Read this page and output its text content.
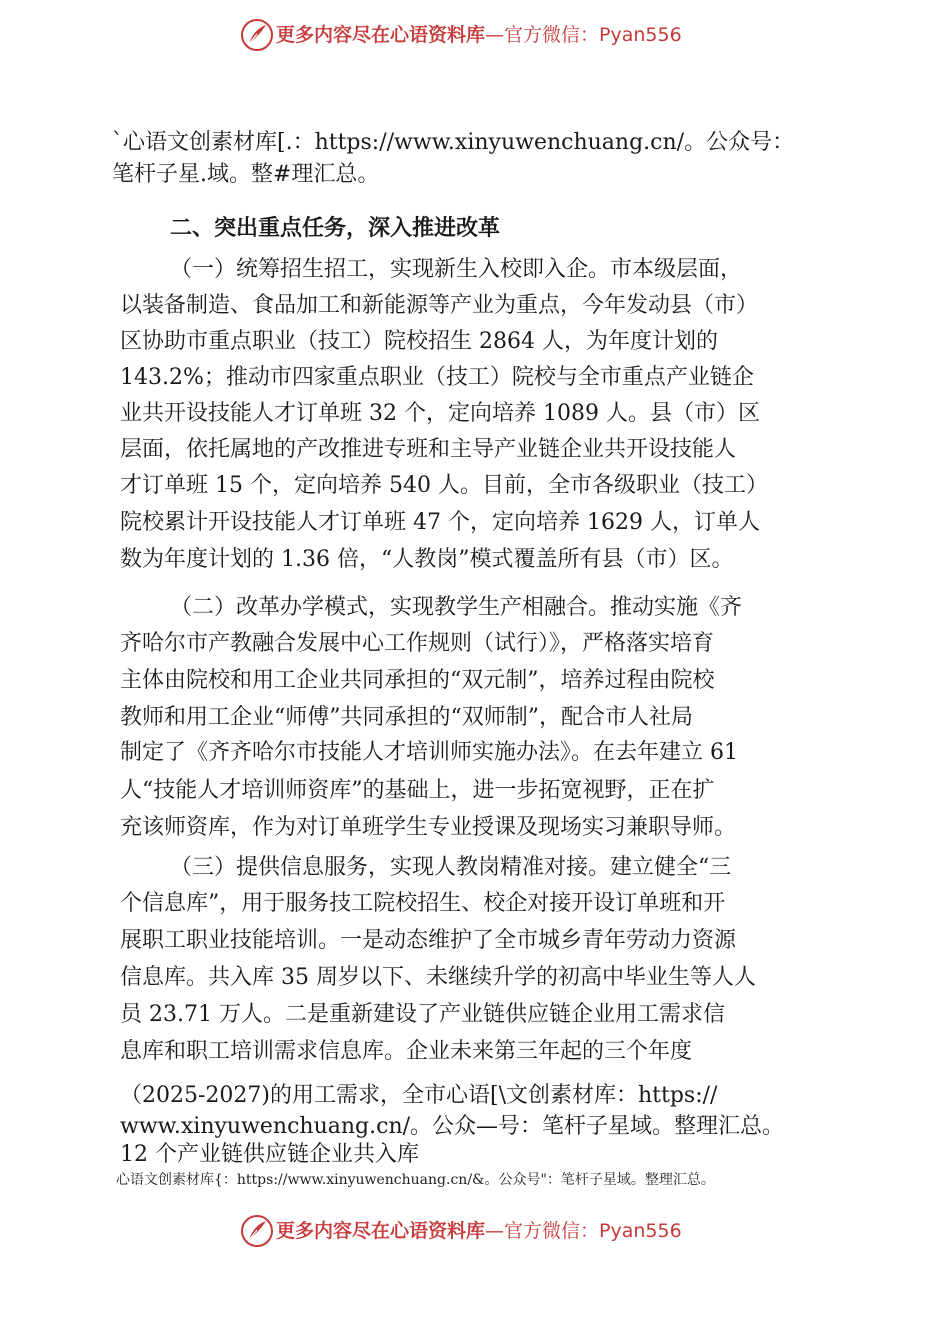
更多内容尽在心语资料库—官方微信：Pyan556
`心语文创素材库[.：https://www.xinyuwenchuang.cn/。公众号：
笔杆子星.域。整#理汇总。
二、突出重点任务，深入推进改革
（一）统筹招生招工，实现新生入校即入企。市本级层面，
以装备制造、食品加工和新能源等产业为重点，今年发动县（市）
区协助市重点职业（技工）院校招生 2864 人，为年度计划的
143.2%；推动市四家重点职业（技工）院校与全市重点产业链企
业共开设技能人才订单班 32 个，定向培养 1089 人。县（市）区
层面，依托属地的产改推进专班和主导产业链企业共开设技能人
才订单班 15 个，定向培养 540 人。目前，全市各级职业（技工）
院校累计开设技能人才订单班 47 个，定向培养 1629 人，订单人
数为年度计划的 1.36 倍，“人教岗”模式覆盖所有县（市）区。
（二）改革办学模式，实现教学生产相融合。推动实施《齐
齐哈尔市产教融合发展中心工作规则（试行）》，严格落实培育
主体由院校和用工企业共同承担的“双元制”，培养过程由院校
教师和用工企业“师傅”共同承担的“双师制”，配合市人社局
制定了《齐齐哈尔市技能人才培训师实施办法》。在去年建立 61
人“技能人才培训师资库”的基础上，进一步拓宽视野，正在扩
充该师资库，作为对订单班学生专业授课及现场实习兼职导师。
（三）提供信息服务，实现人教岗精准对接。建立健全“三
个信息库”，用于服务技工院校招生、校企对接开设订单班和开
展职工职业技能培训。一是动态维护了全市城乡青年劳动力资源
信息库。共入库 35 周岁以下、未继续升学的初高中毕业生等人人
员 23.71 万人。二是重新建设了产业链供应链企业用工需求信
息库和职工培训需求信息库。企业未来第三年起的三个年度
（2025-2027)的用工需求，全市心语[\文创素材库：https://
www.xinyuwenchuang.cn/。公众—号：笔杆子星域。整理汇总。
12 个产业链供应链企业共入库
心语文创素材库{：https://www.xinyuwenchuang.cn/&。公众号"：笔杆子星域。整理汇总。
更多内容尽在心语资料库—官方微信：Pyan556
